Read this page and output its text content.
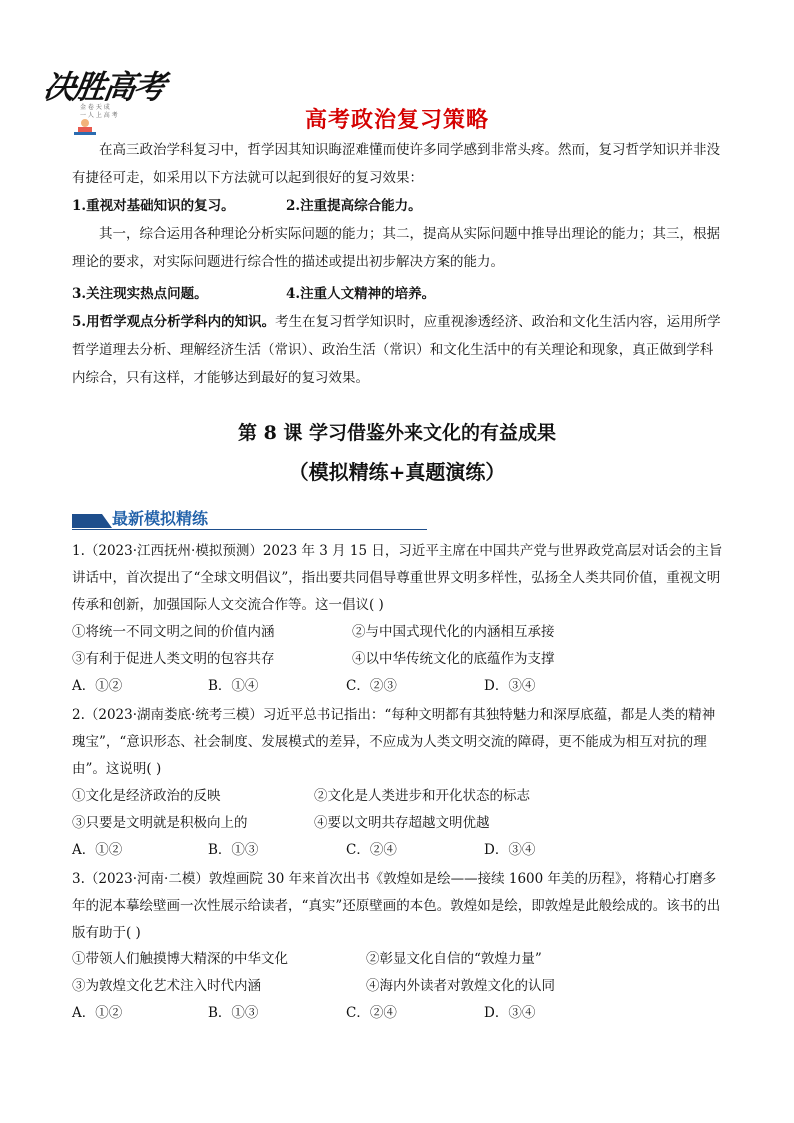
决胜高考
金 卷 天 成
一 人 上 高 考	高考政治复习策略

在高三政治学科复习中，哲学因其知识晦涩难懂而使许多同学感到非常头疼。然而，复习哲学知识并非没有捷径可走，如采用以下方法就可以起到很好的复习效果：

1.重视对基础知识的复习。	2.注重提高综合能力。

其一，综合运用各种理论分析实际问题的能力；其二，提高从实际问题中推导出理论的能力；其三，根据理论的要求，对实际问题进行综合性的描述或提出初步解决方案的能力。

3.关注现实热点问题。	4.注重人文精神的培养。

5.用哲学观点分析学科内的知识。考生在复习哲学知识时，应重视渗透经济、政治和文化生活内容，运用所学哲学道理去分析、理解经济生活（常识）、政治生活（常识）和文化生活中的有关理论和现象，真正做到学科内综合，只有这样，才能够达到最好的复习效果。

第 8 课 学习借鉴外来文化的有益成果
（模拟精练+真题演练）
最新模拟精练

1.（2023·江西抚州·模拟预测）2023 年 3 月 15 日，习近平主席在中国共产党与世界政党高层对话会的主旨讲话中，首次提出了“全球文明倡议”，指出要共同倡导尊重世界文明多样性，弘扬全人类共同价值，重视文明传承和创新，加强国际人文交流合作等。这一倡议( )

①将统一不同文明之间的价值内涵	②与中国式现代化的内涵相互承接
③有利于促进人类文明的包容共存	④以中华传统文化的底蕴作为支撑
A．①②	B．①④	C．②③	D．③④

2.（2023·湖南娄底·统考三模）习近平总书记指出：“每种文明都有其独特魅力和深厚底蕴，都是人类的精神瑰宝”，“意识形态、社会制度、发展模式的差异，不应成为人类文明交流的障碍，更不能成为相互对抗的理由”。这说明( )

①文化是经济政治的反映	②文化是人类进步和开化状态的标志
③只要是文明就是积极向上的	④要以文明共存超越文明优越
A．①②	B．①③	C．②④	D．③④

3.（2023·河南·二模）敦煌画院 30 年来首次出书《敦煌如是绘——接续 1600 年美的历程》，将精心打磨多年的泥本摹绘壁画一次性展示给读者，“真实”还原壁画的本色。敦煌如是绘，即敦煌是此般绘成的。该书的出版有助于( )

①带领人们触摸博大精深的中华文化	②彰显文化自信的“敦煌力量”
③为敦煌文化艺术注入时代内涵	④海内外读者对敦煌文化的认同
A．①②	B．①③	C．②④	D．③④
